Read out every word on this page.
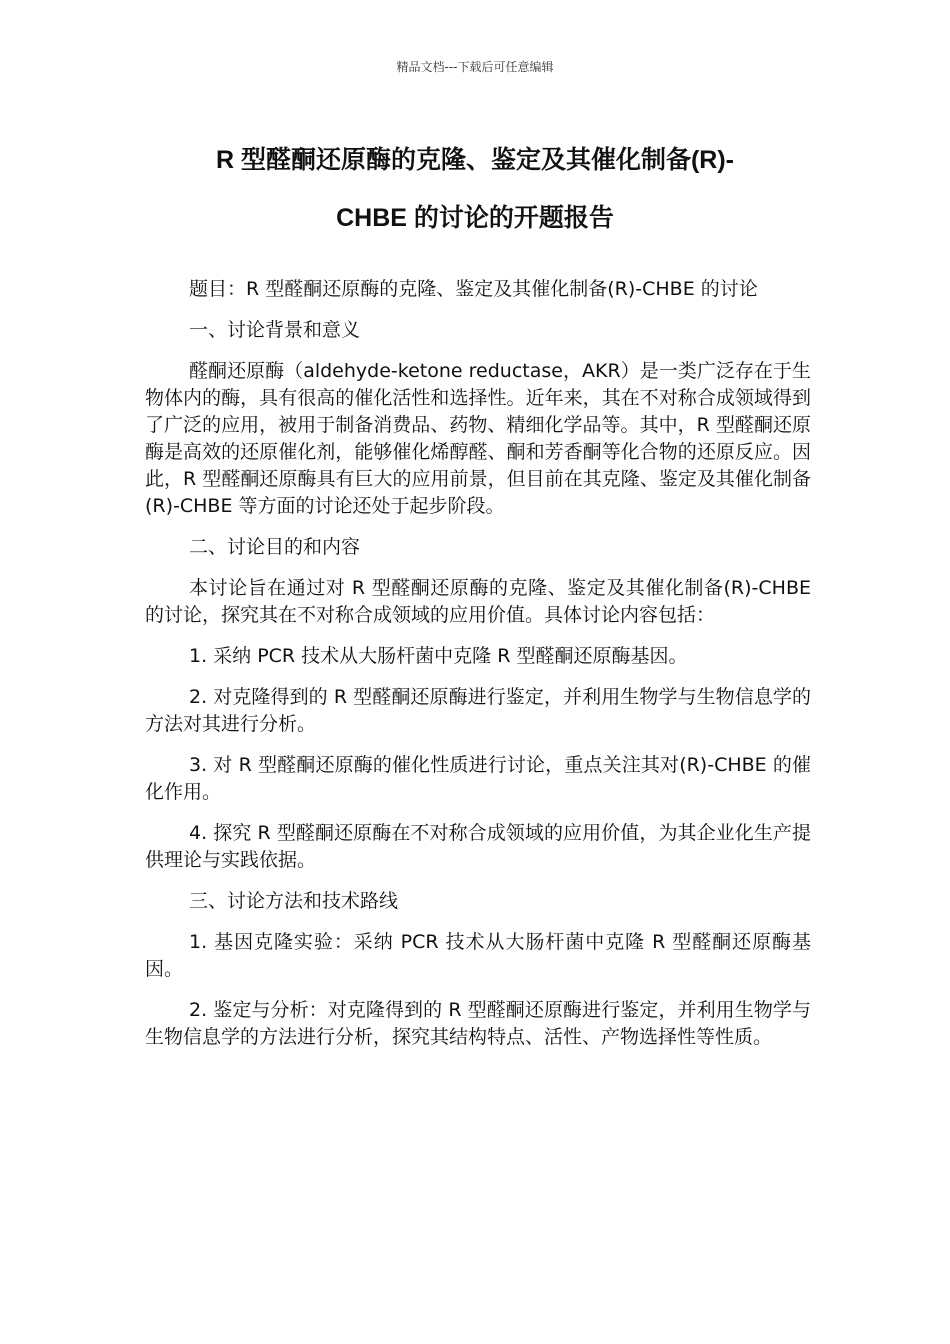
精品文档---下载后可任意编辑
R 型醛酮还原酶的克隆、鉴定及其催化制备(R)-
CHBE 的讨论的开题报告

题目：R 型醛酮还原酶的克隆、鉴定及其催化制备(R)-CHBE 的讨论

一、讨论背景和意义

醛酮还原酶（aldehyde-ketone reductase，AKR）是一类广泛存在于生物体内的酶，具有很高的催化活性和选择性。近年来，其在不对称合成领域得到了广泛的应用，被用于制备消费品、药物、精细化学品等。其中，R 型醛酮还原酶是高效的还原催化剂，能够催化烯醇醛、酮和芳香酮等化合物的还原反应。因此，R 型醛酮还原酶具有巨大的应用前景，但目前在其克隆、鉴定及其催化制备(R)-CHBE 等方面的讨论还处于起步阶段。

二、讨论目的和内容

本讨论旨在通过对 R 型醛酮还原酶的克隆、鉴定及其催化制备(R)-CHBE 的讨论，探究其在不对称合成领域的应用价值。具体讨论内容包括：

1. 采纳 PCR 技术从大肠杆菌中克隆 R 型醛酮还原酶基因。

2. 对克隆得到的 R 型醛酮还原酶进行鉴定，并利用生物学与生物信息学的方法对其进行分析。

3. 对 R 型醛酮还原酶的催化性质进行讨论，重点关注其对(R)-CHBE 的催化作用。

4. 探究 R 型醛酮还原酶在不对称合成领域的应用价值，为其企业化生产提供理论与实践依据。

三、讨论方法和技术路线

1. 基因克隆实验：采纳 PCR 技术从大肠杆菌中克隆 R 型醛酮还原酶基因。

2. 鉴定与分析：对克隆得到的 R 型醛酮还原酶进行鉴定，并利用生物学与生物信息学的方法进行分析，探究其结构特点、活性、产物选择性等性质。
